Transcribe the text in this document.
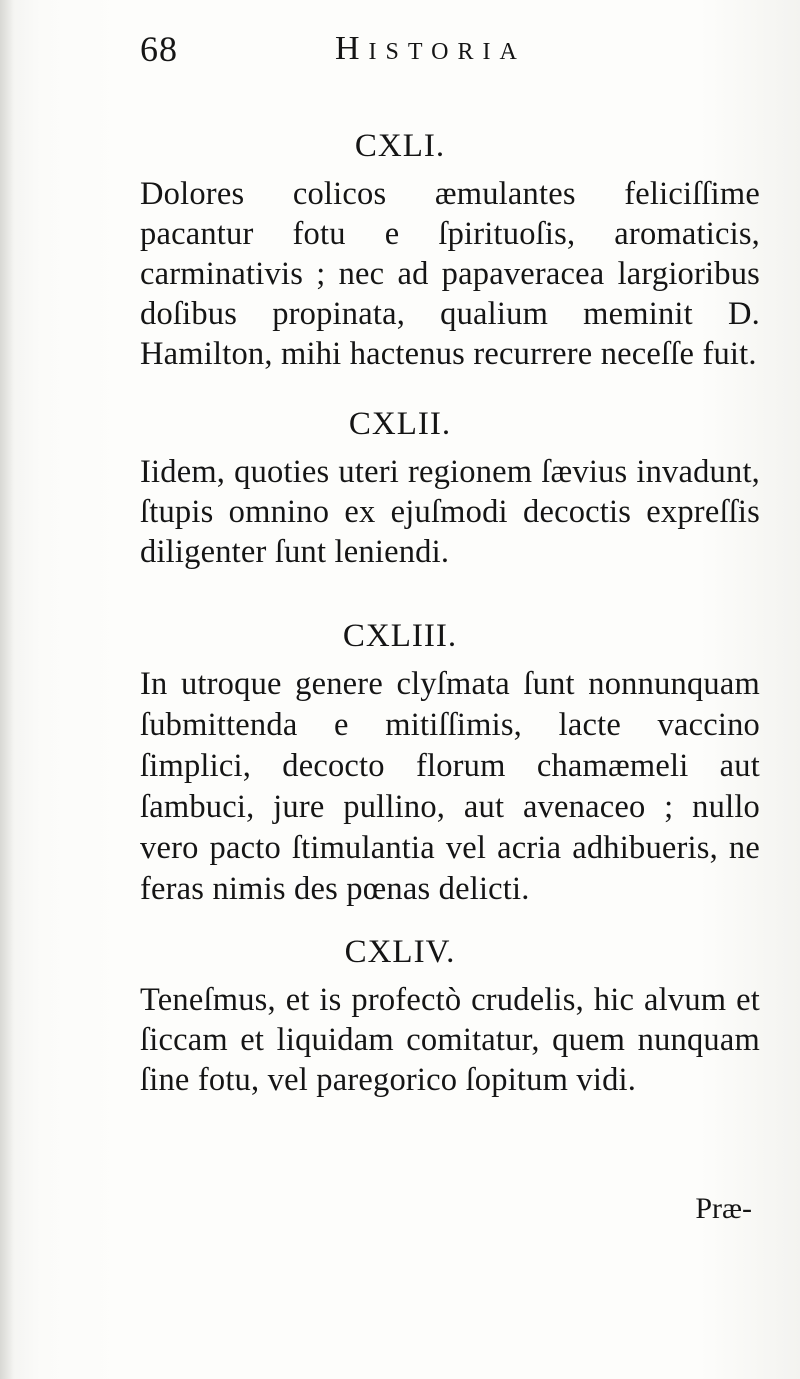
68	Historia
CXLI.
Dolores colicos æmulantes feliciſſime pacantur fotu e ſpirituoſis, aromaticis, carminativis ; nec ad papaveracea largioribus doſibus propinata, qualium meminit D. Hamilton, mihi hactenus recurrere neceſſe fuit.
CXLII.
Iidem, quoties uteri regionem ſævius invadunt, ſtupis omnino ex ejuſmodi decoctis expreſſis diligenter ſunt leniendi.
CXLIII.
In utroque genere clyſmata ſunt nonnunquam ſubmittenda e mitiſſimis, lacte vaccino ſimplici, decocto florum chamæmeli aut ſambuci, jure pullino, aut avenaceo ; nullo vero pacto ſtimulantia vel acria adhibueris, ne feras nimis des pœnas delicti.
CXLIV.
Teneſmus, et is profectò crudelis, hic alvum et ſiccam et liquidam comitatur, quem nunquam ſine fotu, vel paregorico ſopitum vidi.
Præ-
